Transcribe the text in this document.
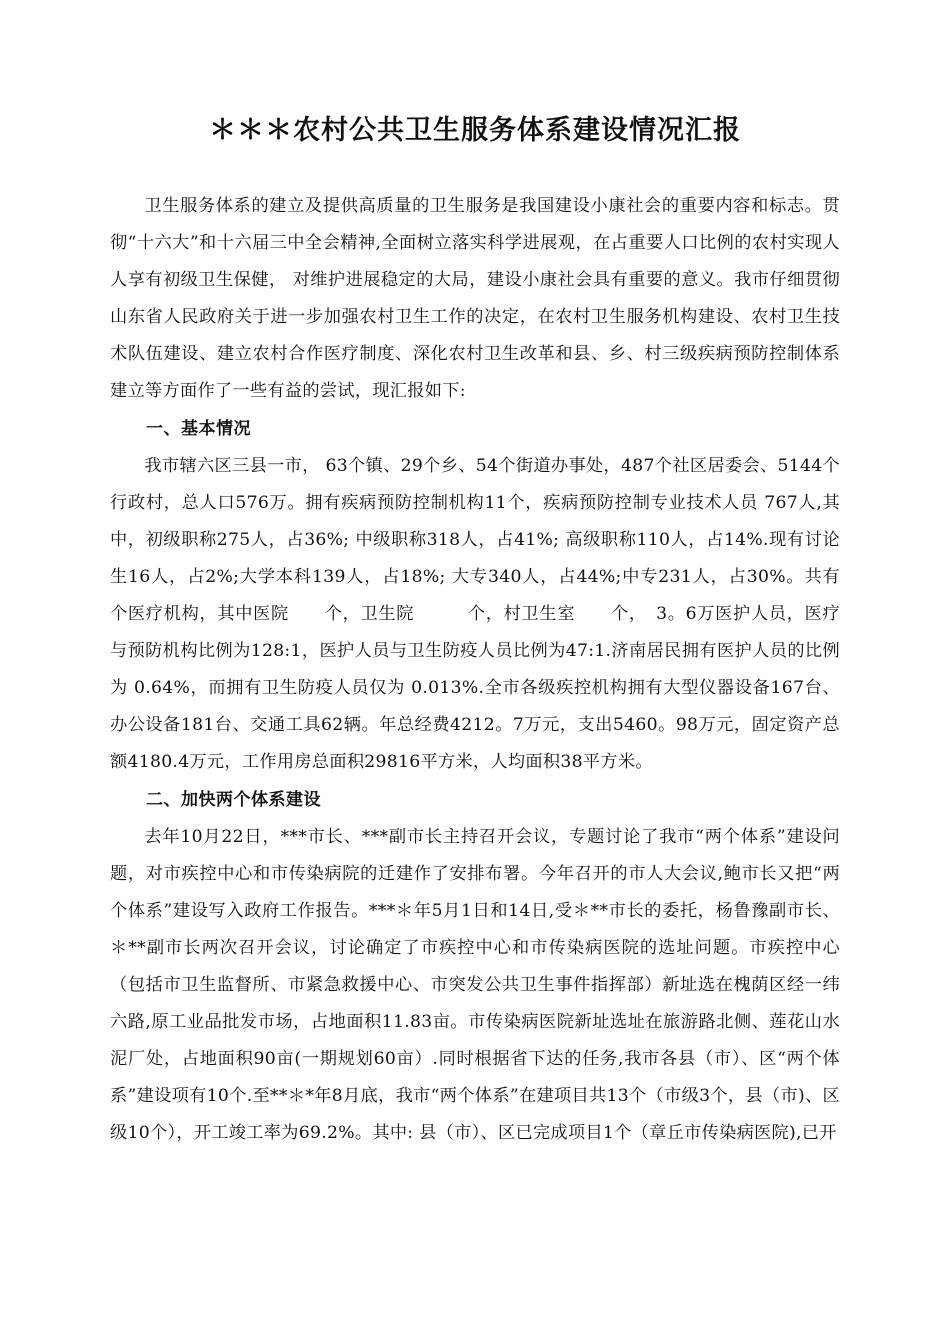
＊＊＊农村公共卫生服务体系建设情况汇报

卫生服务体系的建立及提供高质量的卫生服务是我国建设小康社会的重要内容和标志。贯彻“十六大”和十六届三中全会精神,全面树立落实科学进展观，在占重要人口比例的农村实现人人享有初级卫生保健， 对维护进展稳定的大局，建设小康社会具有重要的意义。我市仔细贯彻山东省人民政府关于进一步加强农村卫生工作的决定，在农村卫生服务机构建设、农村卫生技术队伍建设、建立农村合作医疗制度、深化农村卫生改革和县、乡、村三级疾病预防控制体系建立等方面作了一些有益的尝试，现汇报如下:

一、基本情况

我市辖六区三县一市， 63个镇、29个乡、54个街道办事处，487个社区居委会、5144个行政村，总人口576万。拥有疾病预防控制机构11个，疾病预防控制专业技术人员 767人,其中，初级职称275人，占36%; 中级职称318人，占41%; 高级职称110人，占14%.现有讨论生16人，占2%;大学本科139人，占18%; 大专340人，占44%;中专231人，占30%。共有　　个医疗机构，其中医院　　个，卫生院　　　个，村卫生室　　个，　3。6万医护人员，医疗与预防机构比例为128:1，医护人员与卫生防疫人员比例为47:1.济南居民拥有医护人员的比例为 0.64%，而拥有卫生防疫人员仅为 0.013%.全市各级疾控机构拥有大型仪器设备167台、办公设备181台、交通工具62辆。年总经费4212。7万元，支出5460。98万元，固定资产总额4180.4万元，工作用房总面积29816平方米，人均面积38平方米。

二、加快两个体系建设

去年10月22日，***市长、***副市长主持召开会议，专题讨论了我市“两个体系”建设问题，对市疾控中心和市传染病院的迁建作了安排布署。今年召开的市人大会议,鲍市长又把“两个体系”建设写入政府工作报告。***＊年5月1日和14日,受＊**市长的委托，杨鲁豫副市长、＊**副市长两次召开会议，讨论确定了市疾控中心和市传染病医院的选址问题。市疾控中心（包括市卫生监督所、市紧急救援中心、市突发公共卫生事件指挥部）新址选在槐荫区经一纬六路,原工业品批发市场，占地面积11.83亩。市传染病医院新址选址在旅游路北侧、莲花山水泥厂处，占地面积90亩(一期规划60亩）.同时根据省下达的任务,我市各县（市）、区“两个体系”建设项有10个.至**＊*年8月底，我市“两个体系”在建项目共13个（市级3个，县（市)、区级10个），开工竣工率为69.2%。其中: 县（市）、区已完成项目1个（章丘市传染病医院),已开
